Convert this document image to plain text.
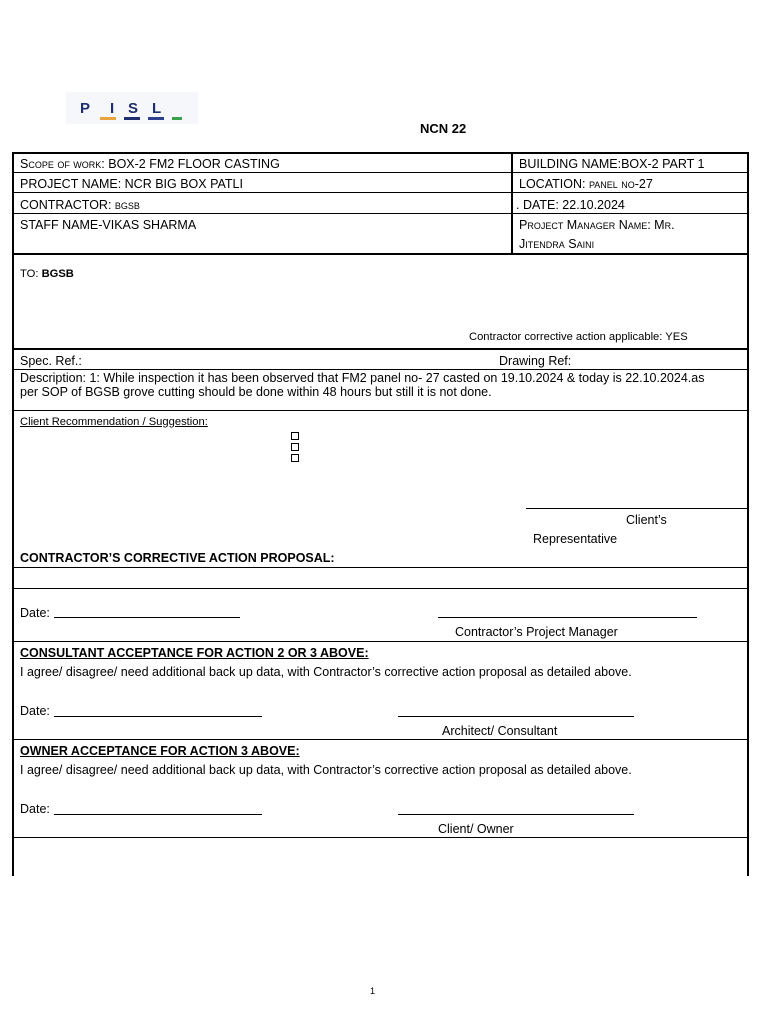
P I S L
NCN 22
Scope of work: BOX-2 FM2 FLOOR CASTING	BUILDING NAME:BOX-2 PART 1
PROJECT NAME: NCR BIG BOX PATLI	LOCATION: panel no-27
CONTRACTOR: bgsb	. DATE: 22.10.2024
STAFF NAME-VIKAS SHARMA	Project Manager Name: Mr.
Jitendra Saini
TO: BGSB
Contractor corrective action applicable: YES
Spec. Ref.:	Drawing Ref:
Description: 1: While inspection it has been observed that FM2 panel no- 27 casted on 19.10.2024 & today is 22.10.2024.as
per SOP of BGSB grove cutting should be done within 48 hours but still it is not done.
Client Recommendation / Suggestion:
Client’s
Representative
CONTRACTOR’S CORRECTIVE ACTION PROPOSAL:
Date:
Contractor’s Project Manager
CONSULTANT ACCEPTANCE FOR ACTION 2 OR 3 ABOVE:
I agree/ disagree/ need additional back up data, with Contractor’s corrective action proposal as detailed above.
Date:
Architect/ Consultant
OWNER ACCEPTANCE FOR ACTION 3 ABOVE:
I agree/ disagree/ need additional back up data, with Contractor’s corrective action proposal as detailed above.
Date:
Client/ Owner
1
